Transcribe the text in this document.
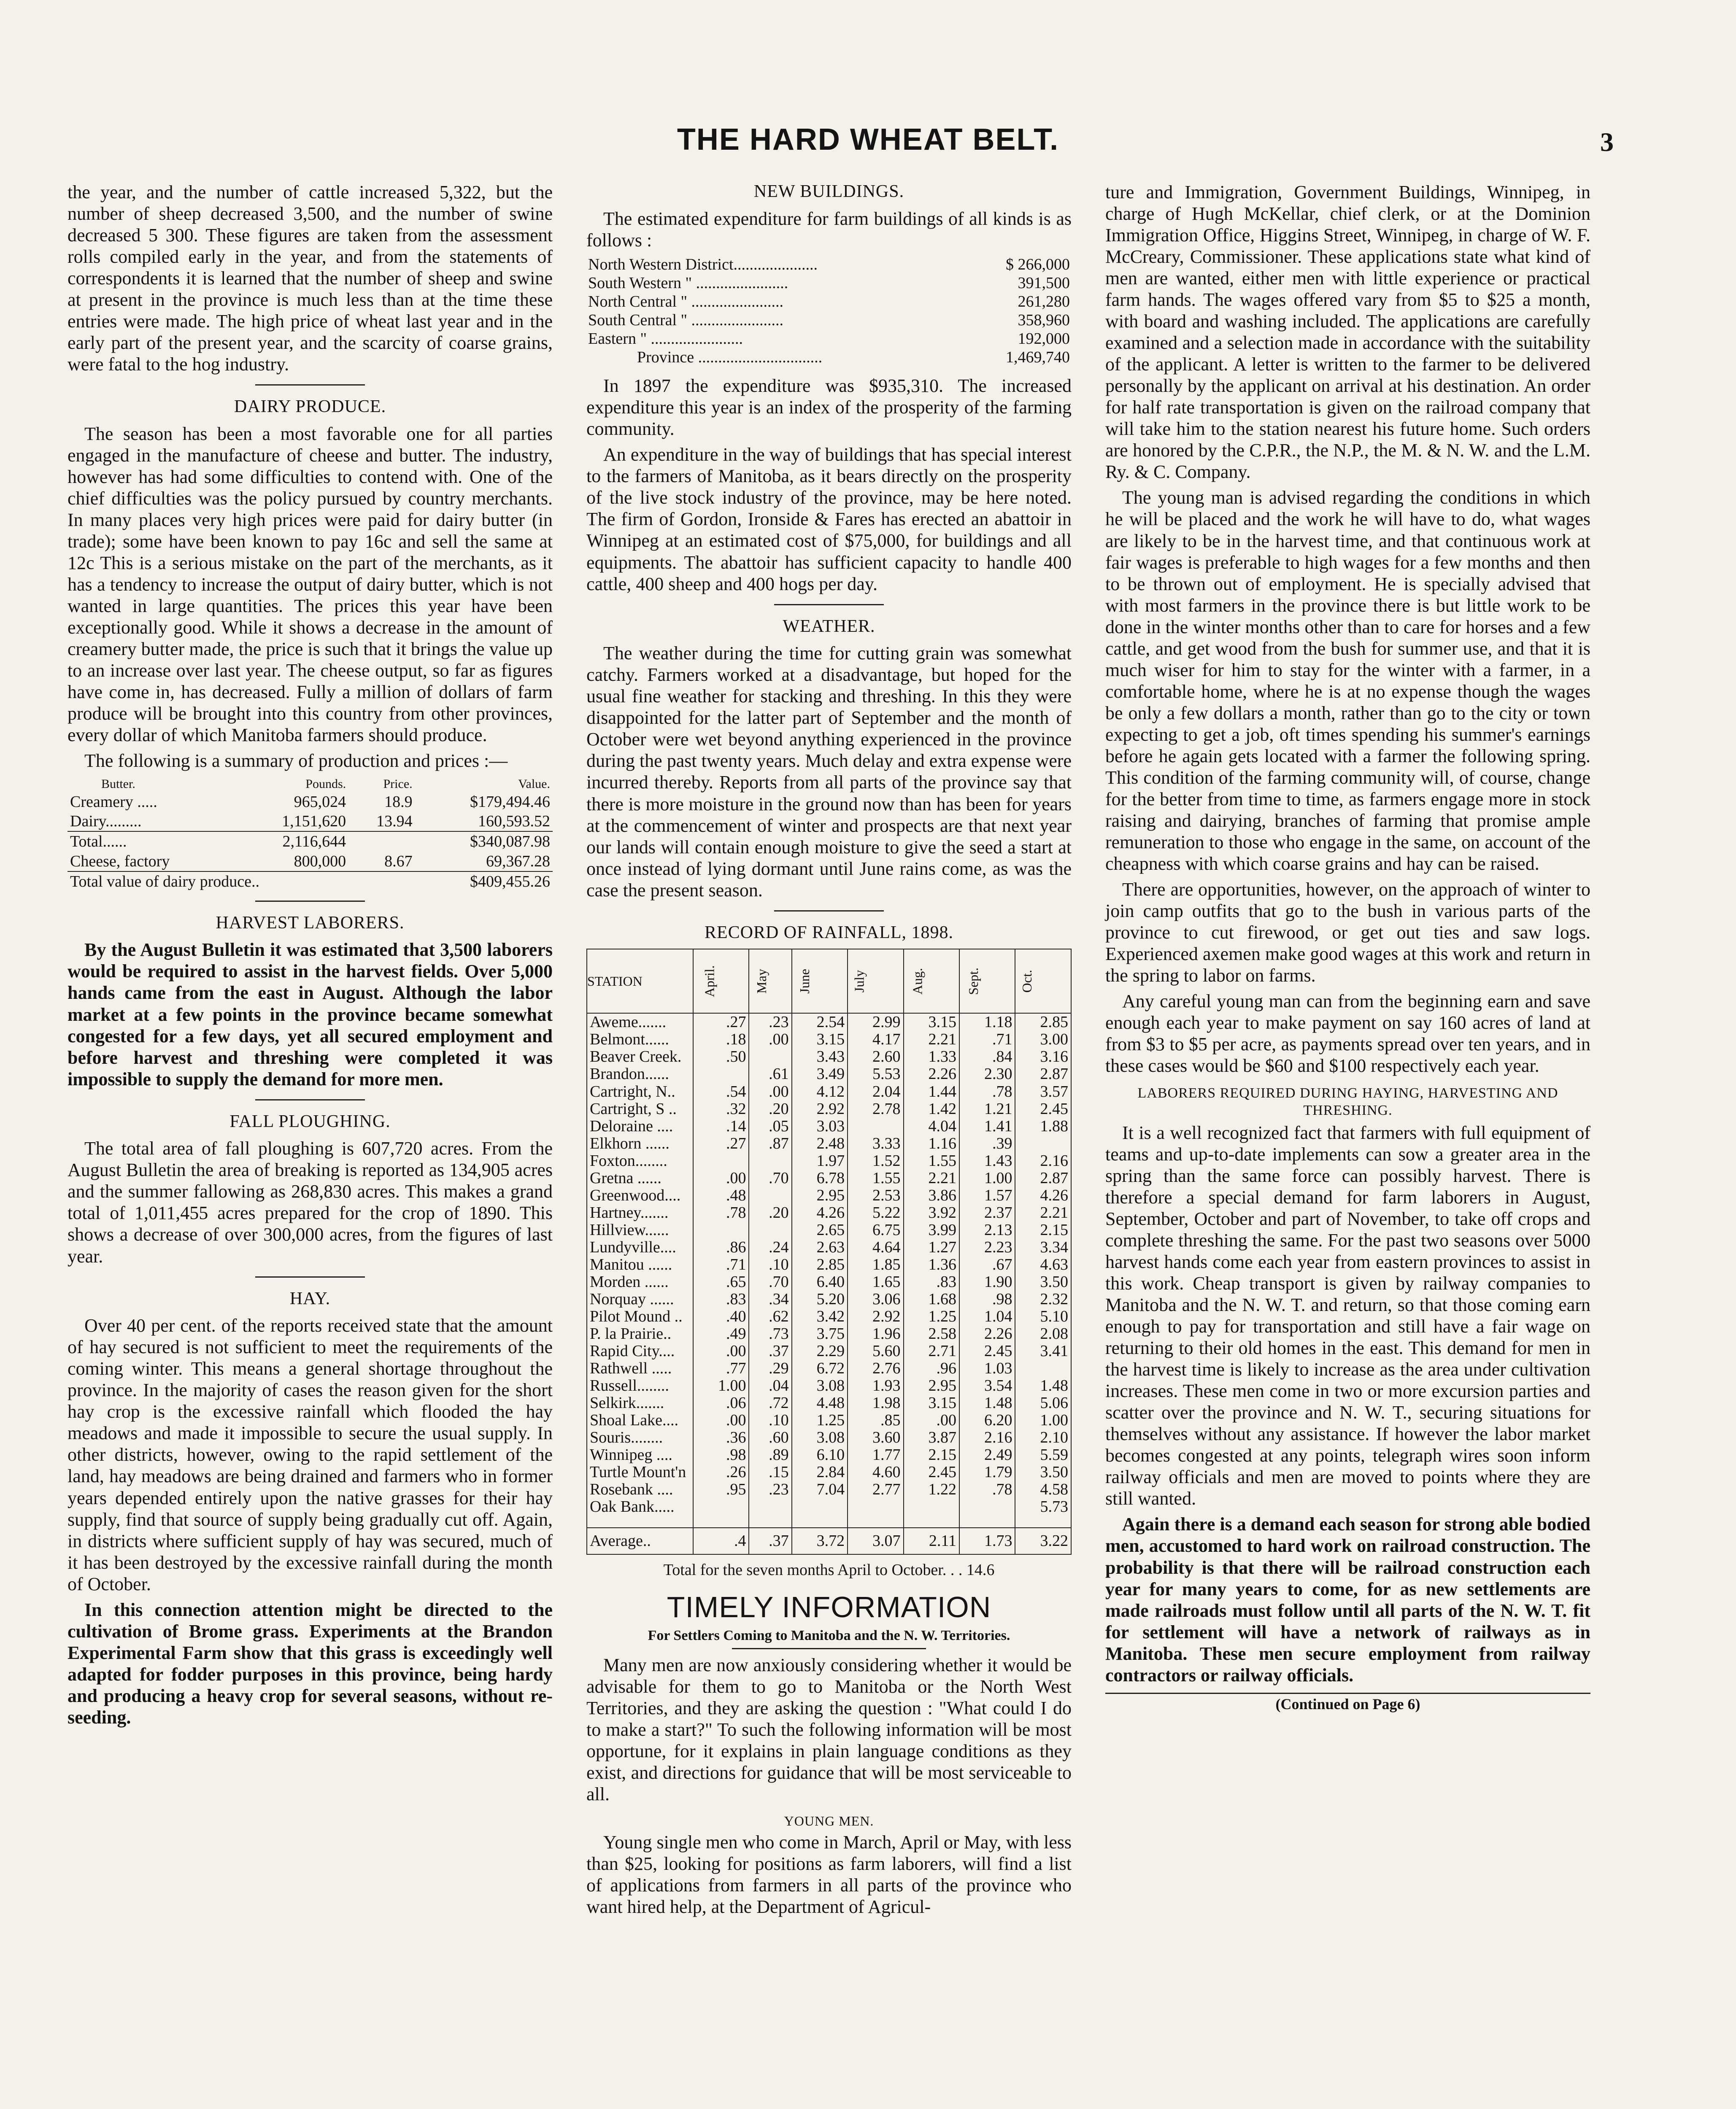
THE HARD WHEAT BELT.	3

the year, and the number of cattle increased 5,322, but the number of sheep decreased 3,500, and the number of swine decreased 5 300. These figures are taken from the assessment rolls compiled early in the year, and from the statements of correspondents it is learned that the number of sheep and swine at present in the province is much less than at the time these entries were made. The high price of wheat last year and in the early part of the present year, and the scarcity of coarse grains, were fatal to the hog industry.

DAIRY PRODUCE.

The season has been a most favorable one for all parties engaged in the manufacture of cheese and butter. The industry, however has had some difficulties to contend with. One of the chief difficulties was the policy pursued by country merchants. In many places very high prices were paid for dairy butter (in trade); some have been known to pay 16c and sell the same at 12c This is a serious mistake on the part of the merchants, as it has a tendency to increase the output of dairy butter, which is not wanted in large quantities. The prices this year have been exceptionally good. While it shows a decrease in the amount of creamery butter made, the price is such that it brings the value up to an increase over last year. The cheese output, so far as figures have come in, has decreased. Fully a million of dollars of farm produce will be brought into this country from other provinces, every dollar of which Manitoba farmers should produce.

The following is a summary of production and prices :—

Butter.	Pounds.	Price.	Value.
Creamery .....	965,024	18.9	$179,494.46
Dairy.........	1,151,620	13.94	160,593.52
Total......	2,116,644		$340,087.98
Cheese, factory	800,000	8.67	69,367.28
Total value of dairy produce..			$409,455.26
HARVEST LABORERS.

By the August Bulletin it was estimated that 3,500 laborers would be required to assist in the harvest fields. Over 5,000 hands came from the east in August. Although the labor market at a few points in the province became somewhat congested for a few days, yet all secured employment and before harvest and threshing were completed it was impossible to supply the demand for more men.

FALL PLOUGHING.

The total area of fall ploughing is 607,720 acres. From the August Bulletin the area of breaking is reported as 134,905 acres and the summer fallowing as 268,830 acres. This makes a grand total of 1,011,455 acres prepared for the crop of 1890. This shows a decrease of over 300,000 acres, from the figures of last year.

HAY.

Over 40 per cent. of the reports received state that the amount of hay secured is not sufficient to meet the requirements of the coming winter. This means a general shortage throughout the province. In the majority of cases the reason given for the short hay crop is the excessive rainfall which flooded the hay meadows and made it impossible to secure the usual supply. In other districts, however, owing to the rapid settlement of the land, hay meadows are being drained and farmers who in former years depended entirely upon the native grasses for their hay supply, find that source of supply being gradually cut off. Again, in districts where sufficient supply of hay was secured, much of it has been destroyed by the excessive rainfall during the month of October.

In this connection attention might be directed to the cultivation of Brome grass. Experiments at the Brandon Experimental Farm show that this grass is exceedingly well adapted for fodder purposes in this province, being hardy and producing a heavy crop for several seasons, without re-seeding.

NEW BUILDINGS.

The estimated expenditure for farm buildings of all kinds is as follows :

North Western District.....................	$ 266,000
South Western " .......................	391,500
North Central " .......................	261,280
South Central " .......................	358,960
Eastern " .......................	192,000
Province ...............................	1,469,740

In 1897 the expenditure was $935,310. The increased expenditure this year is an index of the prosperity of the farming community.

An expenditure in the way of buildings that has special interest to the farmers of Manitoba, as it bears directly on the prosperity of the live stock industry of the province, may be here noted. The firm of Gordon, Ironside & Fares has erected an abattoir in Winnipeg at an estimated cost of $75,000, for buildings and all equipments. The abattoir has sufficient capacity to handle 400 cattle, 400 sheep and 400 hogs per day.

WEATHER.

The weather during the time for cutting grain was somewhat catchy. Farmers worked at a disadvantage, but hoped for the usual fine weather for stacking and threshing. In this they were disappointed for the latter part of September and the month of October were wet beyond anything experienced in the province during the past twenty years. Much delay and extra expense were incurred thereby. Reports from all parts of the province say that there is more moisture in the ground now than has been for years at the commencement of winter and prospects are that next year our lands will contain enough moisture to give the seed a start at once instead of lying dormant until June rains come, as was the case the present season.

RECORD OF RAINFALL, 1898.
STATION	April.	May	June	July	Aug.	Sept.	Oct.
Aweme.......	.27	.23	2.54	2.99	3.15	1.18	2.85
Belmont......	.18	.00	3.15	4.17	2.21	.71	3.00
Beaver Creek.	.50		3.43	2.60	1.33	.84	3.16
Brandon......		.61	3.49	5.53	2.26	2.30	2.87
Cartright, N..	.54	.00	4.12	2.04	1.44	.78	3.57
Cartright, S ..	.32	.20	2.92	2.78	1.42	1.21	2.45
Deloraine ....	.14	.05	3.03		4.04	1.41	1.88
Elkhorn ......	.27	.87	2.48	3.33	1.16	.39	
Foxton........			1.97	1.52	1.55	1.43	2.16
Gretna ......	.00	.70	6.78	1.55	2.21	1.00	2.87
Greenwood....	.48		2.95	2.53	3.86	1.57	4.26
Hartney.......	.78	.20	4.26	5.22	3.92	2.37	2.21
Hillview......			2.65	6.75	3.99	2.13	2.15
Lundyville....	.86	.24	2.63	4.64	1.27	2.23	3.34
Manitou ......	.71	.10	2.85	1.85	1.36	.67	4.63
Morden ......	.65	.70	6.40	1.65	.83	1.90	3.50
Norquay ......	.83	.34	5.20	3.06	1.68	.98	2.32
Pilot Mound ..	.40	.62	3.42	2.92	1.25	1.04	5.10
P. la Prairie..	.49	.73	3.75	1.96	2.58	2.26	2.08
Rapid City....	.00	.37	2.29	5.60	2.71	2.45	3.41
Rathwell .....	.77	.29	6.72	2.76	.96	1.03	
Russell........	1.00	.04	3.08	1.93	2.95	3.54	1.48
Selkirk.......	.06	.72	4.48	1.98	3.15	1.48	5.06
Shoal Lake....	.00	.10	1.25	.85	.00	6.20	1.00
Souris........	.36	.60	3.08	3.60	3.87	2.16	2.10
Winnipeg ....	.98	.89	6.10	1.77	2.15	2.49	5.59
Turtle Mount'n	.26	.15	2.84	4.60	2.45	1.79	3.50
Rosebank ....	.95	.23	7.04	2.77	1.22	.78	4.58
Oak Bank.....							5.73
Average..	.4	.37	3.72	3.07	2.11	1.73	3.22
Total for the seven months April to October. . . 14.6
TIMELY INFORMATION
For Settlers Coming to Manitoba and the N. W. Territories.

Many men are now anxiously considering whether it would be advisable for them to go to Manitoba or the North West Territories, and they are asking the question : "What could I do to make a start?" To such the following information will be most opportune, for it explains in plain language conditions as they exist, and directions for guidance that will be most serviceable to all.

YOUNG MEN.

Young single men who come in March, April or May, with less than $25, looking for positions as farm laborers, will find a list of applications from farmers in all parts of the province who want hired help, at the Department of Agricul-

ture and Immigration, Government Buildings, Winnipeg, in charge of Hugh McKellar, chief clerk, or at the Dominion Immigration Office, Higgins Street, Winnipeg, in charge of W. F. McCreary, Commissioner. These applications state what kind of men are wanted, either men with little experience or practical farm hands. The wages offered vary from $5 to $25 a month, with board and washing included. The applications are carefully examined and a selection made in accordance with the suitability of the applicant. A letter is written to the farmer to be delivered personally by the applicant on arrival at his destination. An order for half rate transportation is given on the railroad company that will take him to the station nearest his future home. Such orders are honored by the C.P.R., the N.P., the M. & N. W. and the L.M. Ry. & C. Company.

The young man is advised regarding the conditions in which he will be placed and the work he will have to do, what wages are likely to be in the harvest time, and that continuous work at fair wages is preferable to high wages for a few months and then to be thrown out of employment. He is specially advised that with most farmers in the province there is but little work to be done in the winter months other than to care for horses and a few cattle, and get wood from the bush for summer use, and that it is much wiser for him to stay for the winter with a farmer, in a comfortable home, where he is at no expense though the wages be only a few dollars a month, rather than go to the city or town expecting to get a job, oft times spending his summer's earnings before he again gets located with a farmer the following spring. This condition of the farming community will, of course, change for the better from time to time, as farmers engage more in stock raising and dairying, branches of farming that promise ample remuneration to those who engage in the same, on account of the cheapness with which coarse grains and hay can be raised.

There are opportunities, however, on the approach of winter to join camp outfits that go to the bush in various parts of the province to cut firewood, or get out ties and saw logs. Experienced axemen make good wages at this work and return in the spring to labor on farms.

Any careful young man can from the beginning earn and save enough each year to make payment on say 160 acres of land at from $3 to $5 per acre, as payments spread over ten years, and in these cases would be $60 and $100 respectively each year.

LABORERS REQUIRED DURING HAYING, HARVESTING AND THRESHING.

It is a well recognized fact that farmers with full equipment of teams and up-to-date implements can sow a greater area in the spring than the same force can possibly harvest. There is therefore a special demand for farm laborers in August, September, October and part of November, to take off crops and complete threshing the same. For the past two seasons over 5000 harvest hands come each year from eastern provinces to assist in this work. Cheap transport is given by railway companies to Manitoba and the N. W. T. and return, so that those coming earn enough to pay for transportation and still have a fair wage on returning to their old homes in the east. This demand for men in the harvest time is likely to increase as the area under cultivation increases. These men come in two or more excursion parties and scatter over the province and N. W. T., securing situations for themselves without any assistance. If however the labor market becomes congested at any points, telegraph wires soon inform railway officials and men are moved to points where they are still wanted.

Again there is a demand each season for strong able bodied men, accustomed to hard work on railroad construction. The probability is that there will be railroad construction each year for many years to come, for as new settlements are made railroads must follow until all parts of the N. W. T. fit for settlement will have a network of railways as in Manitoba. These men secure employment from railway contractors or railway officials.

(Continued on Page 6)
